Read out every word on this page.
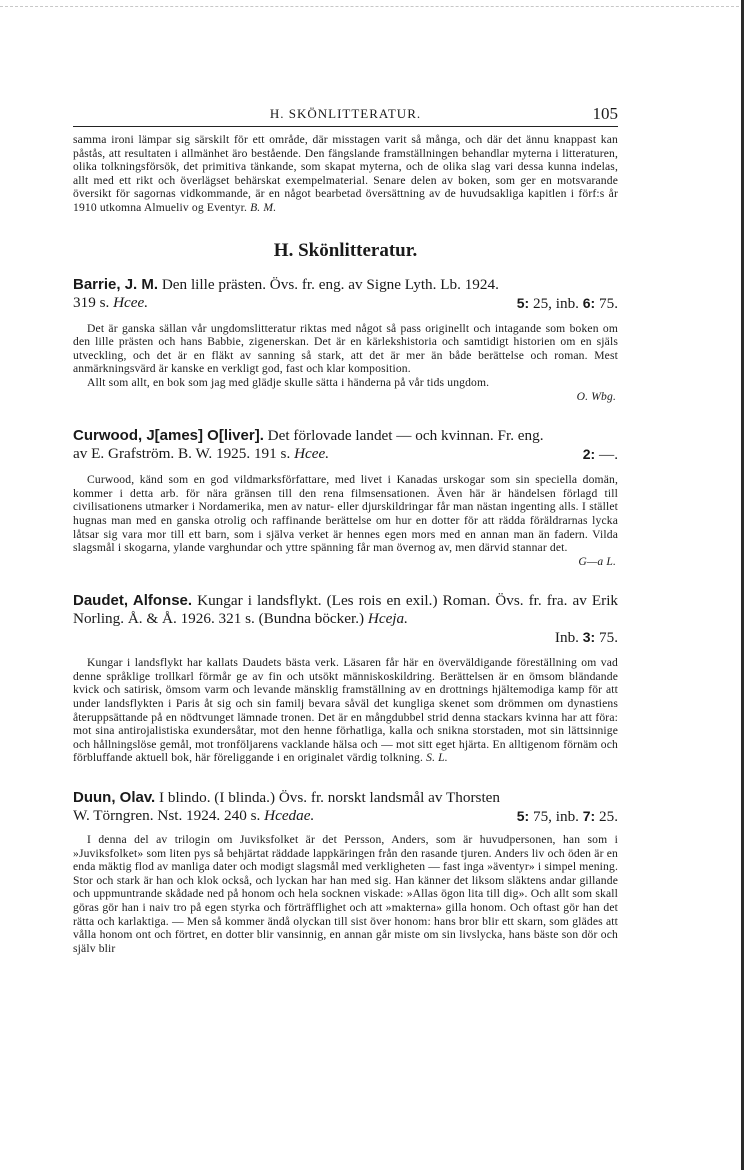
H. SKÖNLITTERATUR.	105

samma ironi lämpar sig särskilt för ett område, där misstagen varit så många, och där det ännu knappast kan påstås, att resultaten i allmänhet äro bestående. Den fängslande framställningen behandlar myterna i litteraturen, olika tolkningsförsök, det primitiva tänkande, som skapat myterna, och de olika slag vari dessa kunna indelas, allt med ett rikt och överlägset behärskat exempelmaterial. Senare delen av boken, som ger en motsvarande översikt för sagornas vidkommande, är en något bearbetad översättning av de huvudsakliga kapitlen i förf:s år 1910 utkomna Almueliv og Eventyr. B. M.

H. Skönlitteratur.

Barrie, J. M. Den lille prästen. Övs. fr. eng. av Signe Lyth. Lb. 1924.

319 s. Hcee.	5: 25, inb. 6: 75.

Det är ganska sällan vår ungdomslitteratur riktas med något så pass originellt och intagande som boken om den lille prästen och hans Babbie, zigenerskan. Det är en kärlekshistoria och samtidigt historien om en själs utveckling, och det är en fläkt av sanning så stark, att det är mer än både berättelse och roman. Mest anmärkningsvärd är kanske en verkligt god, fast och klar komposition.

Allt som allt, en bok som jag med glädje skulle sätta i händerna på vår tids ungdom.

O. Wbg.

Curwood, J[ames] O[liver]. Det förlovade landet — och kvinnan. Fr. eng.

av E. Grafström. B. W. 1925. 191 s. Hcee.	2: —.

Curwood, känd som en god vildmarksförfattare, med livet i Kanadas urskogar som sin speciella domän, kommer i detta arb. för nära gränsen till den rena filmsensationen. Även här är händelsen förlagd till civilisationens utmarker i Nordamerika, men av natur- eller djurskildringar får man nästan ingenting alls. I stället hugnas man med en ganska otrolig och raffinande berättelse om hur en dotter för att rädda föräldrarnas lycka låtsar sig vara mor till ett barn, som i själva verket är hennes egen mors med en annan man än fadern. Vilda slagsmål i skogarna, ylande varghundar och yttre spänning får man övernog av, men därvid stannar det.

G—a L.

Daudet, Alfonse. Kungar i landsflykt. (Les rois en exil.) Roman. Övs. fr. fra. av Erik Norling. Å. & Å. 1926. 321 s. (Bundna böcker.) Hceja.

Inb. 3: 75.

Kungar i landsflykt har kallats Daudets bästa verk. Läsaren får här en överväldigande föreställning om vad denne språklige trollkarl förmår ge av fin och utsökt människoskildring. Berättelsen är en ömsom bländande kvick och satirisk, ömsom varm och levande mänsklig framställning av en drottnings hjältemodiga kamp för att under landsflykten i Paris åt sig och sin familj bevara såväl det kungliga skenet som drömmen om dynastiens återuppsättande på en nödtvunget lämnade tronen. Det är en mångdubbel strid denna stackars kvinna har att föra: mot sina antirojalistiska exundersåtar, mot den henne förhatliga, kalla och snikna storstaden, mot sin lättsinnige och hållningslöse gemål, mot tronföljarens vacklande hälsa och — mot sitt eget hjärta. En alltigenom förnäm och förbluffande aktuell bok, här föreliggande i en originalet värdig tolkning. S. L.

Duun, Olav. I blindo. (I blinda.) Övs. fr. norskt landsmål av Thorsten

W. Törngren. Nst. 1924. 240 s. Hcedae.	5: 75, inb. 7: 25.

I denna del av trilogin om Juviksfolket är det Persson, Anders, som är huvudpersonen, han som i »Juviksfolket» som liten pys så behjärtat räddade lappkäringen från den rasande tjuren. Anders liv och öden är en enda mäktig flod av manliga dater och modigt slagsmål med verkligheten — fast inga »äventyr» i simpel mening. Stor och stark är han och klok också, och lyckan har han med sig. Han känner det liksom släktens andar gillande och uppmuntrande skådade ned på honom och hela socknen viskade: »Allas ögon lita till dig». Och allt som skall göras gör han i naiv tro på egen styrka och förträfflighet och att »makterna» gilla honom. Och oftast gör han det rätta och karlaktiga. — Men så kommer ändå olyckan till sist över honom: hans bror blir ett skarn, som glädes att vålla honom ont och förtret, en dotter blir vansinnig, en annan går miste om sin livslycka, hans bäste son dör och själv blir
